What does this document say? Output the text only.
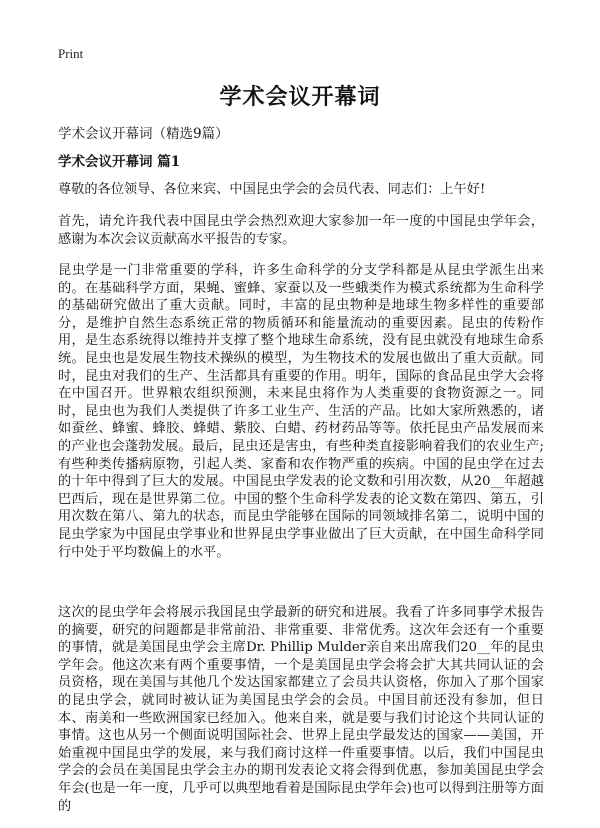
Print
学术会议开幕词

学术会议开幕词（精选9篇）

学术会议开幕词 篇1

尊敬的各位领导、各位来宾、中国昆虫学会的会员代表、同志们：上午好!

首先，请允许我代表中国昆虫学会热烈欢迎大家参加一年一度的中国昆虫学年会，感谢为本次会议贡献高水平报告的专家。

昆虫学是一门非常重要的学科，许多生命科学的分支学科都是从昆虫学派生出来的。在基础科学方面，果蝇、蜜蜂、家蚕以及一些蛾类作为模式系统都为生命科学的基础研究做出了重大贡献。同时，丰富的昆虫物种是地球生物多样性的重要部分，是维护自然生态系统正常的物质循环和能量流动的重要因素。昆虫的传粉作用，是生态系统得以维持并支撑了整个地球生命系统，没有昆虫就没有地球生命系统。昆虫也是发展生物技术操纵的模型，为生物技术的发展也做出了重大贡献。同时，昆虫对我们的生产、生活都具有重要的作用。明年，国际的食品昆虫学大会将在中国召开。世界粮农组织预测，未来昆虫将作为人类重要的食物资源之一。同时，昆虫也为我们人类提供了许多工业生产、生活的产品。比如大家所熟悉的，诸如蚕丝、蜂蜜、蜂胶、蜂蜡、紫胶、白蜡、药材药品等等。依托昆虫产品发展而来的产业也会蓬勃发展。最后，昆虫还是害虫，有些种类直接影响着我们的农业生产;有些种类传播病原物，引起人类、家畜和农作物严重的疾病。中国的昆虫学在过去的十年中得到了巨大的发展。中国昆虫学发表的论文数和引用次数，从20__年超越巴西后，现在是世界第二位。中国的整个生命科学发表的论文数在第四、第五，引用次数在第八、第九的状态，而昆虫学能够在国际的同领域排名第二，说明中国的昆虫学家为中国昆虫学事业和世界昆虫学事业做出了巨大贡献，在中国生命科学同行中处于平均数偏上的水平。

这次的昆虫学年会将展示我国昆虫学最新的研究和进展。我看了许多同事学术报告的摘要，研究的问题都是非常前沿、非常重要、非常优秀。这次年会还有一个重要的事情，就是美国昆虫学会主席Dr. Phillip Mulder亲自来出席我们20__年的昆虫学年会。他这次来有两个重要事情，一个是美国昆虫学会将会扩大其共同认证的会员资格，现在美国与其他几个发达国家都建立了会员共认资格，你加入了那个国家的昆虫学会，就同时被认证为美国昆虫学会的会员。中国目前还没有参加，但日本、南美和一些欧洲国家已经加入。他来自来，就是要与我们讨论这个共同认证的事情。这也从另一个侧面说明国际社会、世界上昆虫学最发达的国家——美国，开始重视中国昆虫学的发展，来与我们商讨这样一件重要事情。以后，我们中国昆虫学会的会员在美国昆虫学会主办的期刊发表论文将会得到优惠，参加美国昆虫学会年会(也是一年一度，几乎可以典型地看着是国际昆虫学年会)也可以得到注册等方面的
